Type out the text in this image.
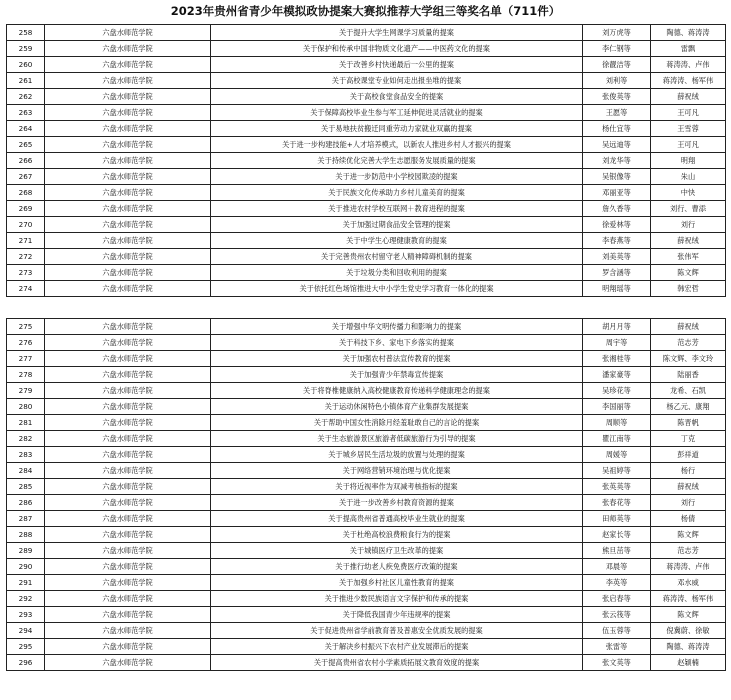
2023年贵州省青少年模拟政协提案大赛拟推荐大学组三等奖名单（711件）
258	六盘水师范学院	关于提升大学生网课学习质量的提案	刘万虎等	陶德、蒋涛涛
259	六盘水师范学院	关于保护和传承中国非物质文化遗产——中医药文化的提案	李仁钢等	雷飘
260	六盘水师范学院	关于改善乡村快递最后一公里的提案	徐靓洁等	蒋涛涛、卢伟
261	六盘水师范学院	关于高校课堂专业如何走出报坐堆的提案	刘利等	蒋涛涛、杨军伟
262	六盘水师范学院	关于高校食堂食品安全的提案	张俊英等	薛祝绒
263	六盘水师范学院	关于保障高校毕业生参与军工延伸促进灵活就业的提案	王愿等	王可凡
264	六盘水师范学院	关于易地扶贫搬迁同重劳动力家就业双赢的提案	杨仕宜等	王雪蓉
265	六盘水师范学院	关于进一步构建技能+人才培养模式，以新农人推进乡村人才振兴的提案	吴远迪等	王可凡
266	六盘水师范学院	关于持续优化完善大学生志愿服务发展质量的提案	刘龙华等	明翔
267	六盘水师范学院	关于进一步防范中小学校园欺凌的提案	吴银像等	朱山
268	六盘水师范学院	关于民族文化传承助力乡村儿童美育的提案	邓丽亚等	中快
269	六盘水师范学院	关于推进农村学校互联网＋教育进程的提案	詹久香等	刘行、曹添
270	六盘水师范学院	关于加强过期食品安全管理的提案	徐爱林等	刘行
271	六盘水师范学院	关于中学生心理健康教育的提案	李春燕等	薛祝绒
272	六盘水师范学院	关于完善贵州农村留守老人精神障碍机制的提案	刘美英等	张伟军
273	六盘水师范学院	关于垃圾分类和回收利用的提案	罗含涵等	陈文辉
274	六盘水师范学院	关于依托红色场馆推进大中小学生党史学习教育一体化的提案	明翔瑶等	韩宏哲
275	六盘水师范学院	关于增强中华文明传播力和影响力的提案	胡月月等	薛祝绒
276	六盘水师范学院	关于科技下乡、家电下乡落实的提案	周宇等	范志芳
277	六盘水师范学院	关于加强农村普法宣传教育的提案	张湘桂等	陈文辉、李文玲
278	六盘水师范学院	关于加强青少年禁毒宣传提案	潘家豪等	陆丽香
279	六盘水师范学院	关于将脊椎健康纳入高校健康教育传递科学健康理念的提案	吴珍花等	龙希、石凯
280	六盘水师范学院	关于运动休闲特色小镇体育产业集群发展提案	李国丽等	杨乙元、康翔
281	六盘水师范学院	关于帮助中国女性消除月经羞耻敢自己的言论的提案	周顺等	陈晋帆
282	六盘水师范学院	关于生态旅游景区旅游者低碳旅游行为引导的提案	瞿江南等	丁克
283	六盘水师范学院	关于城乡居民生活垃圾的放置与处理的提案	周媛等	彭祥道
284	六盘水师范学院	关于网络营销环境治理与优化提案	吴祖婷等	杨行
285	六盘水师范学院	关于将近视率作为双减考核指标的提案	张英英等	薛祝绒
286	六盘水师范学院	关于进一步改善乡村教育资源的提案	张春花等	刘行
287	六盘水师范学院	关于提高贵州省普通高校毕业生就业的提案	田师英等	杨倩
288	六盘水师范学院	关于杜绝高校浪费粮食行为的提案	赵家长等	陈文辉
289	六盘水师范学院	关于城镇医疗卫生改革的提案	熊旦茁等	范志芳
290	六盘水师范学院	关于推行幼老人疾免费医疗改策的提案	邓晨等	蒋涛涛、卢伟
291	六盘水师范学院	关于加强乡村社区儿童性教育的提案	李英等	邓水威
292	六盘水师范学院	关于推进少数民族语言文字保护和传承的提案	张启春等	蒋涛涛、杨军伟
293	六盘水师范学院	关于降低我国青少年违规率的提案	张云筏等	陈文辉
294	六盘水师范学院	关于促进贵州省学前教育普及普惠安全优质发展的提案	伍玉蓉等	倪冀蔚、徐敏
295	六盘水师范学院	关于解决乡村振兴下农村产业发展滞后的提案	张雷等	陶德、蒋涛涛
296	六盘水师范学院	关于提高贵州省农村小学素质拓展文教育效度的提案	张文英等	赵颖楠
